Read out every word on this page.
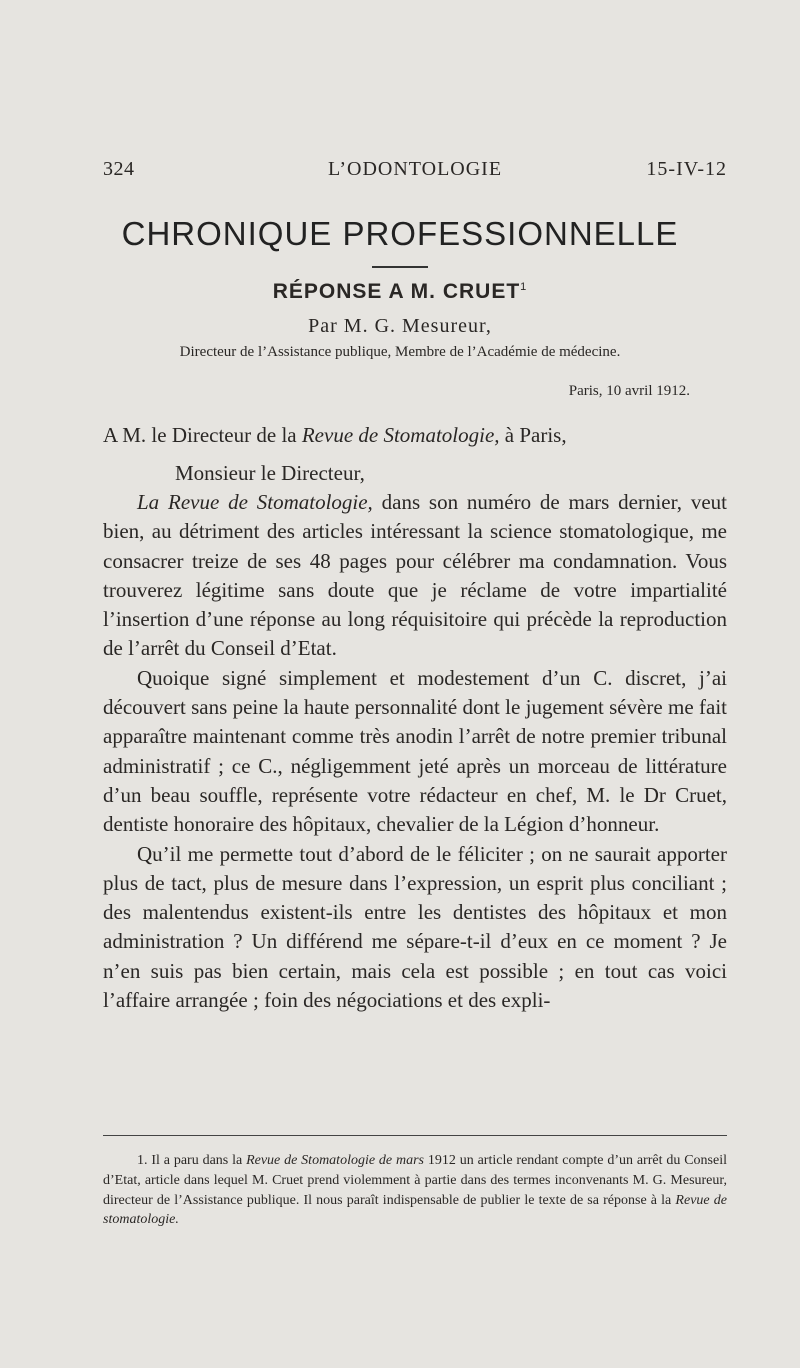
324	L’ODONTOLOGIE	15-IV-12
CHRONIQUE PROFESSIONNELLE
RÉPONSE A M. CRUET$^1$
Par M. G. Mesureur,
Directeur de l’Assistance publique, Membre de l’Académie de médecine.
Paris, 10 avril 1912.
A M. le Directeur de la Revue de Stomatologie, à Paris,
Monsieur le Directeur,

La Revue de Stomatologie, dans son numéro de mars dernier, veut bien, au détriment des articles intéressant la science stomatologique, me consacrer treize de ses 48 pages pour célébrer ma condamnation. Vous trouverez légitime sans doute que je réclame de votre impartialité l’insertion d’une réponse au long réquisitoire qui précède la reproduction de l’arrêt du Conseil d’Etat.

Quoique signé simplement et modestement d’un C. discret, j’ai découvert sans peine la haute personnalité dont le jugement sévère me fait apparaître maintenant comme très anodin l’arrêt de notre premier tribunal administratif ; ce C., négligemment jeté après un morceau de littérature d’un beau souffle, représente votre rédacteur en chef, M. le Dr Cruet, dentiste honoraire des hôpitaux, chevalier de la Légion d’honneur.

Qu’il me permette tout d’abord de le féliciter ; on ne saurait apporter plus de tact, plus de mesure dans l’expression, un esprit plus conciliant ; des malentendus existent-ils entre les dentistes des hôpitaux et mon administration ? Un différend me sépare-t-il d’eux en ce moment ? Je n’en suis pas bien certain, mais cela est possible ; en tout cas voici l’affaire arrangée ; foin des négociations et des expli-

1. Il a paru dans la Revue de Stomatologie de mars 1912 un article rendant compte d’un arrêt du Conseil d’Etat, article dans lequel M. Cruet prend violemment à partie dans des termes inconvenants M. G. Mesureur, directeur de l’Assistance publique. Il nous paraît indispensable de publier le texte de sa réponse à la Revue de stomatologie.
